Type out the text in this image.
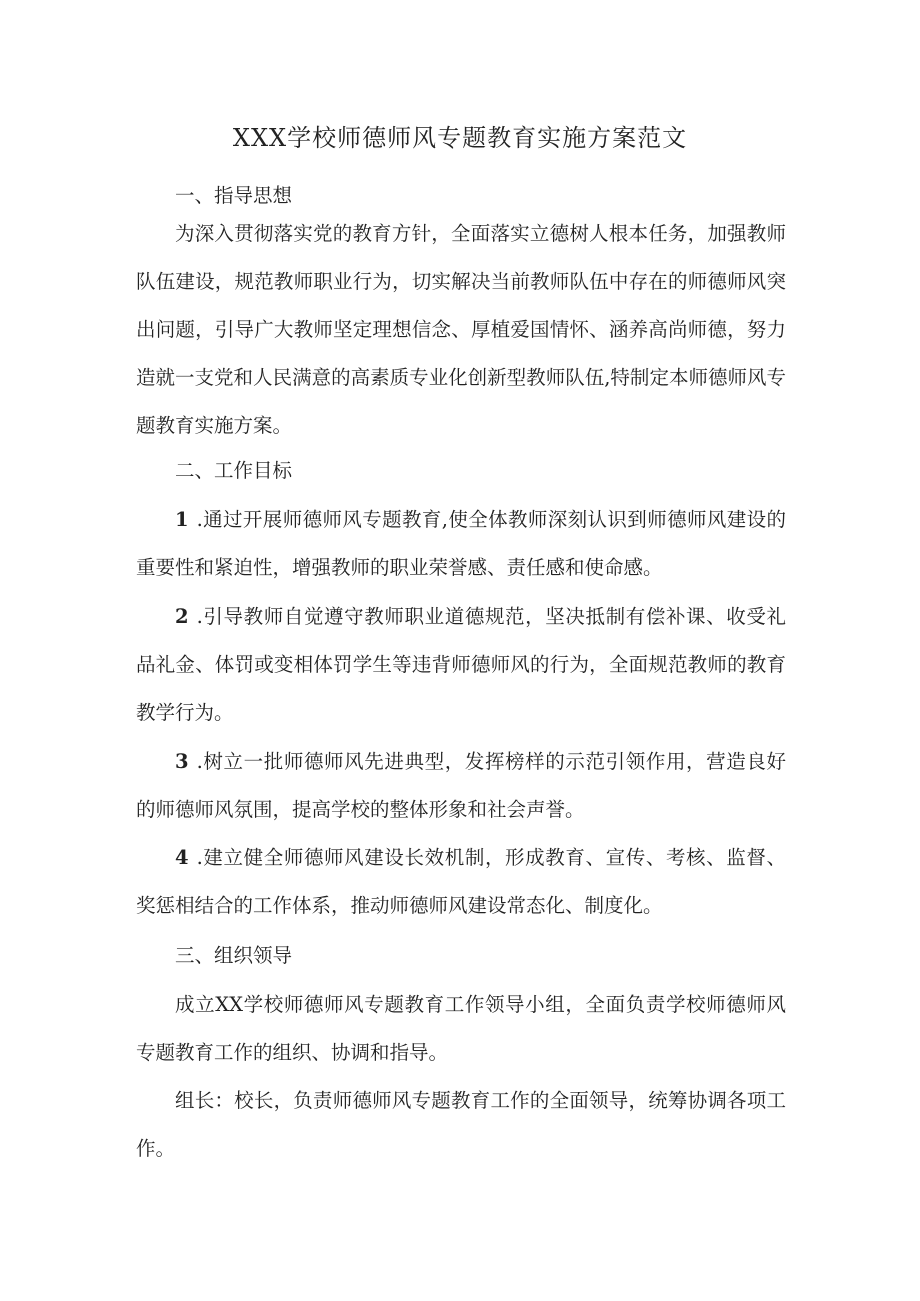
XXX学校师德师风专题教育实施方案范文
一、指导思想

为深入贯彻落实党的教育方针，全面落实立德树人根本任务，加强教师队伍建设，规范教师职业行为，切实解决当前教师队伍中存在的师德师风突出问题，引导广大教师坚定理想信念、厚植爱国情怀、涵养高尚师德，努力造就一支党和人民满意的高素质专业化创新型教师队伍,特制定本师德师风专题教育实施方案。

二、工作目标

1 .通过开展师德师风专题教育,使全体教师深刻认识到师德师风建设的重要性和紧迫性，增强教师的职业荣誉感、责任感和使命感。

2 .引导教师自觉遵守教师职业道德规范，坚决抵制有偿补课、收受礼品礼金、体罚或变相体罚学生等违背师德师风的行为，全面规范教师的教育教学行为。

3 .树立一批师德师风先进典型，发挥榜样的示范引领作用，营造良好的师德师风氛围，提高学校的整体形象和社会声誉。

4 .建立健全师德师风建设长效机制，形成教育、宣传、考核、监督、奖惩相结合的工作体系，推动师德师风建设常态化、制度化。

三、组织领导

成立XX学校师德师风专题教育工作领导小组，全面负责学校师德师风专题教育工作的组织、协调和指导。

组长：校长，负责师德师风专题教育工作的全面领导，统筹协调各项工作。
